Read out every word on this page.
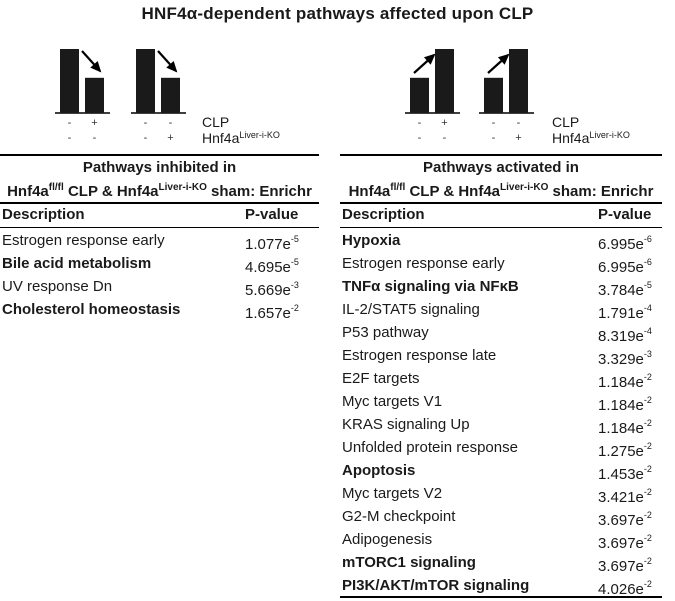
HNF4α-dependent pathways affected upon CLP
- +
- -
- -
- +
- +
- -
- -
- +
CLP
$Hnf4a^{Liver-i-KO}$
CLP
$Hnf4a^{Liver-i-KO}$
Pathways inhibited in
$Hnf4a^{fl/fl}$ CLP & $Hnf4a^{Liver-i-KO}$ sham: Enrichr
Description	P-value
Estrogen response early	$1.077e^{-5}$
Bile acid metabolism	$4.695e^{-5}$
UV response Dn	$5.669e^{-3}$
Cholesterol homeostasis	$1.657e^{-2}$
Pathways activated in
$Hnf4a^{fl/fl}$ CLP & $Hnf4a^{Liver-i-KO}$ sham: Enrichr
Description	P-value
Hypoxia	$6.995e^{-6}$
Estrogen response early	$6.995e^{-6}$
TNFα signaling via NFκB	$3.784e^{-5}$
IL-2/STAT5 signaling	$1.791e^{-4}$
P53 pathway	$8.319e^{-4}$
Estrogen response late	$3.329e^{-3}$
E2F targets	$1.184e^{-2}$
Myc targets V1	$1.184e^{-2}$
KRAS signaling Up	$1.184e^{-2}$
Unfolded protein response	$1.275e^{-2}$
Apoptosis	$1.453e^{-2}$
Myc targets V2	$3.421e^{-2}$
G2-M checkpoint	$3.697e^{-2}$
Adipogenesis	$3.697e^{-2}$
mTORC1 signaling	$3.697e^{-2}$
PI3K/AKT/mTOR signaling	$4.026e^{-2}$
